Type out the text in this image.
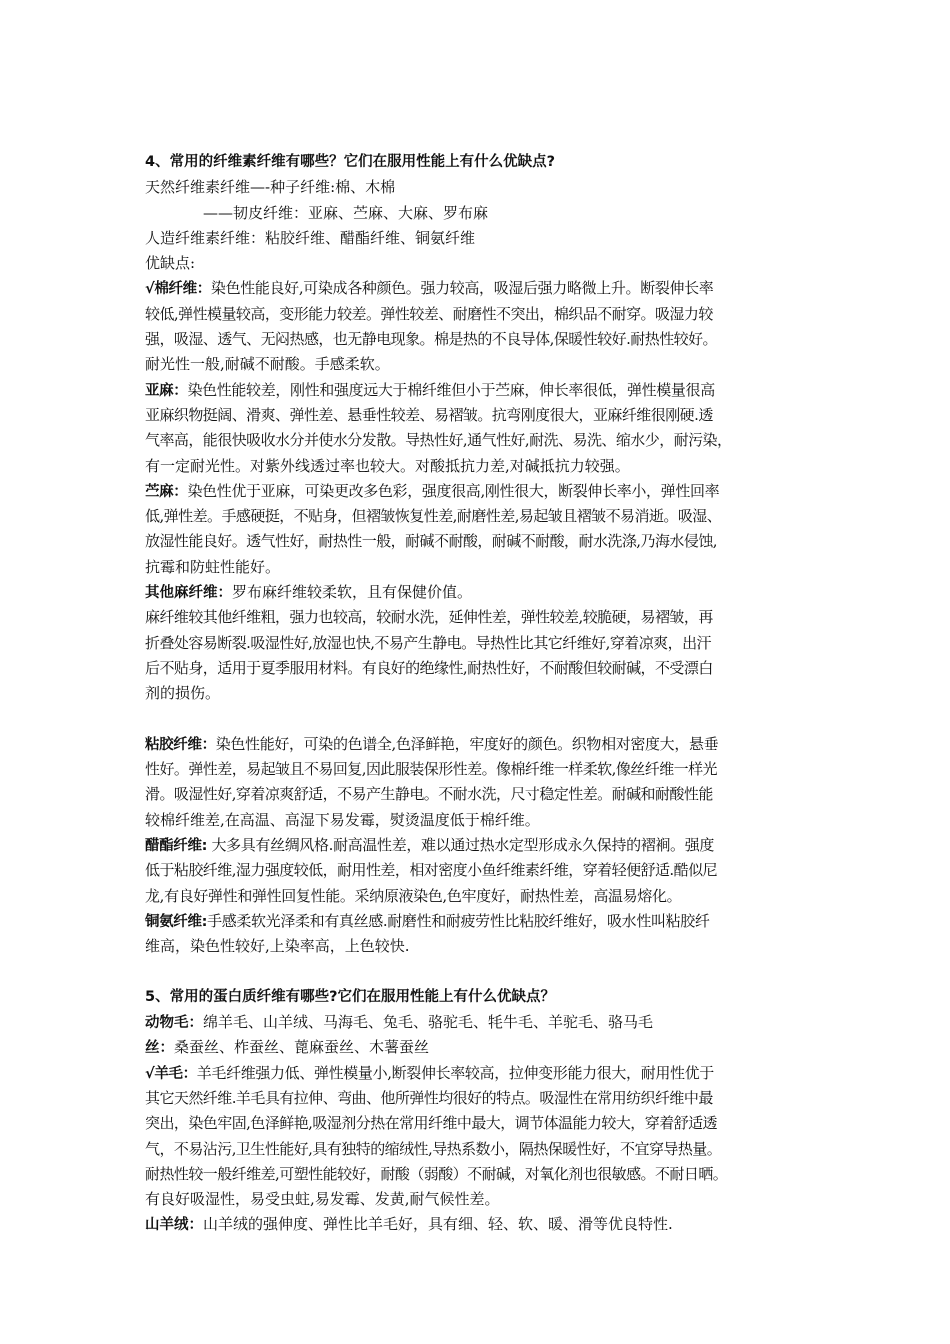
4、常用的纤维素纤维有哪些？它们在服用性能上有什么优缺点?
天然纤维素纤维—-种子纤维:棉、木棉
——韧皮纤维：亚麻、苎麻、大麻、罗布麻
人造纤维素纤维：粘胶纤维、醋酯纤维、铜氨纤维
优缺点:
√棉纤维：染色性能良好,可染成各种颜色。强力较高，吸湿后强力略微上升。断裂伸长率
较低,弹性模量较高，变形能力较差。弹性较差、耐磨性不突出，棉织品不耐穿。吸湿力较
强，吸湿、透气、无闷热感，也无静电现象。棉是热的不良导体,保暖性较好.耐热性较好。
耐光性一般,耐碱不耐酸。手感柔软。
亚麻：染色性能较差，刚性和强度远大于棉纤维但小于苎麻，伸长率很低，弹性模量很高
亚麻织物挺阔、滑爽、弹性差、悬垂性较差、易褶皱。抗弯刚度很大，亚麻纤维很刚硬.透
气率高，能很快吸收水分并使水分发散。导热性好,通气性好,耐洗、易洗、缩水少，耐污染，
有一定耐光性。对紫外线透过率也较大。对酸抵抗力差,对碱抵抗力较强。
苎麻：染色性优于亚麻，可染更改多色彩，强度很高,刚性很大，断裂伸长率小，弹性回率
低,弹性差。手感硬挺，不贴身，但褶皱恢复性差,耐磨性差,易起皱且褶皱不易消逝。吸湿、
放湿性能良好。透气性好，耐热性一般，耐碱不耐酸，耐碱不耐酸，耐水洗涤,乃海水侵蚀,
抗霉和防蛀性能好。
其他麻纤维：罗布麻纤维较柔软，且有保健价值。
麻纤维较其他纤维粗，强力也较高，较耐水洗，延伸性差，弹性较差,较脆硬，易褶皱，再
折叠处容易断裂.吸湿性好,放湿也快,不易产生静电。导热性比其它纤维好,穿着凉爽，出汗
后不贴身，适用于夏季服用材料。有良好的绝缘性,耐热性好，不耐酸但较耐碱，不受漂白
剂的损伤。
粘胶纤维：染色性能好，可染的色谱全,色泽鲜艳，牢度好的颜色。织物相对密度大，悬垂
性好。弹性差，易起皱且不易回复,因此服装保形性差。像棉纤维一样柔软,像丝纤维一样光
滑。吸湿性好,穿着凉爽舒适，不易产生静电。不耐水洗，尺寸稳定性差。耐碱和耐酸性能
较棉纤维差,在高温、高湿下易发霉，熨烫温度低于棉纤维。
醋酯纤维: 大多具有丝绸风格.耐高温性差，难以通过热水定型形成永久保持的褶裥。强度
低于粘胶纤维,湿力强度较低，耐用性差，相对密度小鱼纤维素纤维，穿着轻便舒适.酷似尼
龙,有良好弹性和弹性回复性能。采纳原液染色,色牢度好，耐热性差，高温易熔化。
铜氨纤维:手感柔软光泽柔和有真丝感.耐磨性和耐疲劳性比粘胶纤维好，吸水性叫粘胶纤
维高，染色性较好,上染率高，上色较快.
5、常用的蛋白质纤维有哪些?它们在服用性能上有什么优缺点？
动物毛：绵羊毛、山羊绒、马海毛、兔毛、骆驼毛、牦牛毛、羊驼毛、骆马毛
丝：桑蚕丝、柞蚕丝、蓖麻蚕丝、木薯蚕丝
√羊毛：羊毛纤维强力低、弹性模量小,断裂伸长率较高，拉伸变形能力很大，耐用性优于
其它天然纤维.羊毛具有拉伸、弯曲、他所弹性均很好的特点。吸湿性在常用纺织纤维中最
突出，染色牢固,色泽鲜艳,吸湿剂分热在常用纤维中最大，调节体温能力较大，穿着舒适透
气，不易沾污,卫生性能好,具有独特的缩绒性,导热系数小，隔热保暖性好，不宜穿导热量。
耐热性较一般纤维差,可塑性能较好，耐酸（弱酸）不耐碱，对氧化剂也很敏感。不耐日晒。
有良好吸湿性，易受虫蛀,易发霉、发黄,耐气候性差。
山羊绒：山羊绒的强伸度、弹性比羊毛好，具有细、轻、软、暖、滑等优良特性.
